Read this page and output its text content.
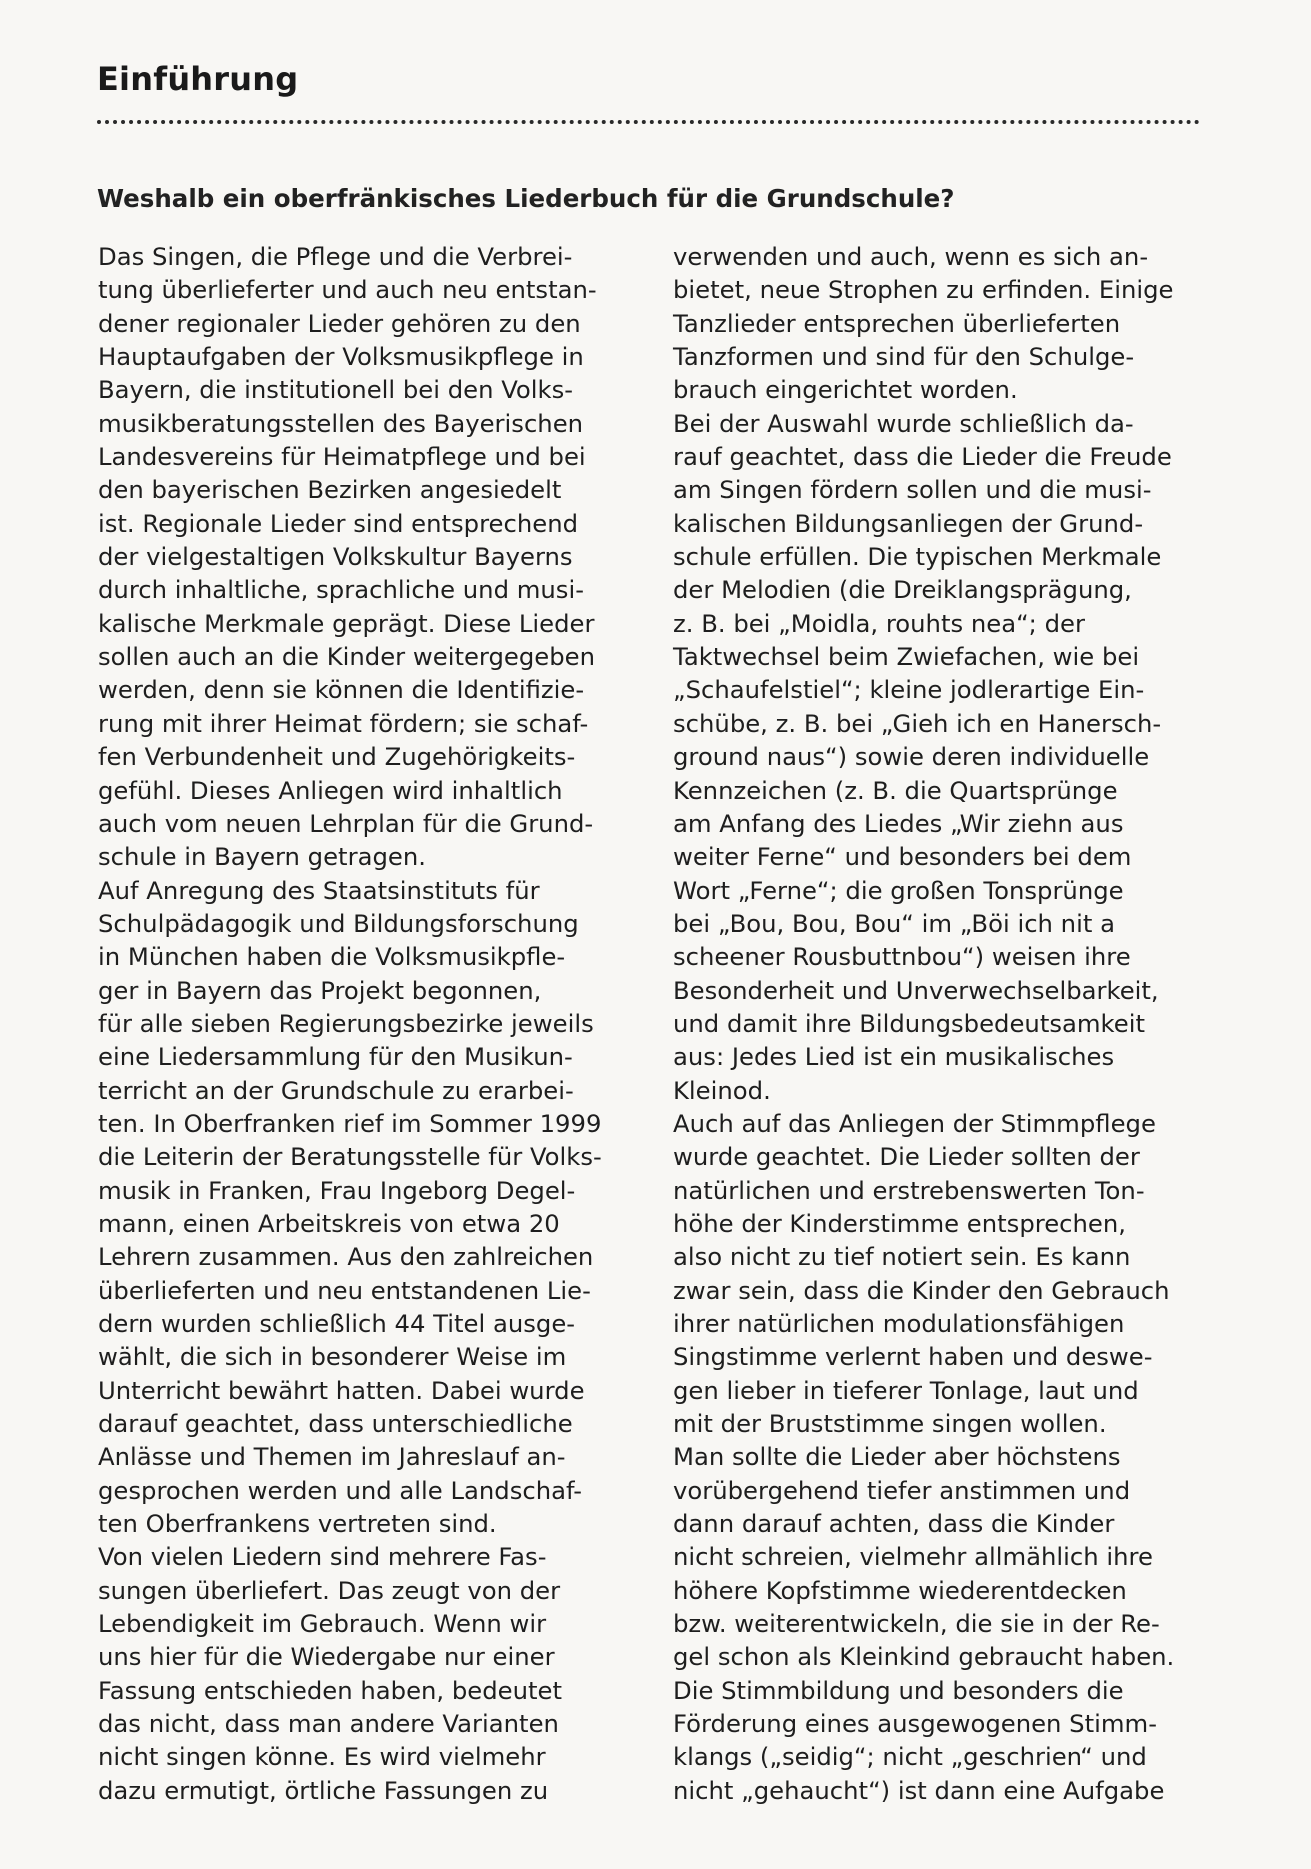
Einführung
Weshalb ein oberfränkisches Liederbuch für die Grundschule?
Das Singen, die Pflege und die Verbrei-
tung überlieferter und auch neu entstan-
dener regionaler Lieder gehören zu den
Hauptaufgaben der Volksmusikpflege in
Bayern, die institutionell bei den Volks-
musikberatungsstellen des Bayerischen
Landesvereins für Heimatpflege und bei
den bayerischen Bezirken angesiedelt
ist. Regionale Lieder sind entsprechend
der vielgestaltigen Volkskultur Bayerns
durch inhaltliche, sprachliche und musi-
kalische Merkmale geprägt. Diese Lieder
sollen auch an die Kinder weitergegeben
werden, denn sie können die Identifizie-
rung mit ihrer Heimat fördern; sie schaf-
fen Verbundenheit und Zugehörigkeits-
gefühl. Dieses Anliegen wird inhaltlich
auch vom neuen Lehrplan für die Grund-
schule in Bayern getragen.
Auf Anregung des Staatsinstituts für
Schulpädagogik und Bildungsforschung
in München haben die Volksmusikpfle-
ger in Bayern das Projekt begonnen,
für alle sieben Regierungsbezirke jeweils
eine Liedersammlung für den Musikun-
terricht an der Grundschule zu erarbei-
ten. In Oberfranken rief im Sommer 1999
die Leiterin der Beratungsstelle für Volks-
musik in Franken, Frau Ingeborg Degel-
mann, einen Arbeitskreis von etwa 20
Lehrern zusammen. Aus den zahlreichen
überlieferten und neu entstandenen Lie-
dern wurden schließlich 44 Titel ausge-
wählt, die sich in besonderer Weise im
Unterricht bewährt hatten. Dabei wurde
darauf geachtet, dass unterschiedliche
Anlässe und Themen im Jahreslauf an-
gesprochen werden und alle Landschaf-
ten Oberfrankens vertreten sind.
Von vielen Liedern sind mehrere Fas-
sungen überliefert. Das zeugt von der
Lebendigkeit im Gebrauch. Wenn wir
uns hier für die Wiedergabe nur einer
Fassung entschieden haben, bedeutet
das nicht, dass man andere Varianten
nicht singen könne. Es wird vielmehr
dazu ermutigt, örtliche Fassungen zu
verwenden und auch, wenn es sich an-
bietet, neue Strophen zu erfinden. Einige
Tanzlieder entsprechen überlieferten
Tanzformen und sind für den Schulge-
brauch eingerichtet worden.
Bei der Auswahl wurde schließlich da-
rauf geachtet, dass die Lieder die Freude
am Singen fördern sollen und die musi-
kalischen Bildungsanliegen der Grund-
schule erfüllen. Die typischen Merkmale
der Melodien (die Dreiklangsprägung,
z. B. bei „Moidla, rouhts nea“; der
Taktwechsel beim Zwiefachen, wie bei
„Schaufelstiel“; kleine jodlerartige Ein-
schübe, z. B. bei „Gieh ich en Hanersch-
ground naus“) sowie deren individuelle
Kennzeichen (z. B. die Quartsprünge
am Anfang des Liedes „Wir ziehn aus
weiter Ferne“ und besonders bei dem
Wort „Ferne“; die großen Tonsprünge
bei „Bou, Bou, Bou“ im „Böi ich nit a
scheener Rousbuttnbou“) weisen ihre
Besonderheit und Unverwechselbarkeit,
und damit ihre Bildungsbedeutsamkeit
aus: Jedes Lied ist ein musikalisches
Kleinod.
Auch auf das Anliegen der Stimmpflege
wurde geachtet. Die Lieder sollten der
natürlichen und erstrebenswerten Ton-
höhe der Kinderstimme entsprechen,
also nicht zu tief notiert sein. Es kann
zwar sein, dass die Kinder den Gebrauch
ihrer natürlichen modulationsfähigen
Singstimme verlernt haben und deswe-
gen lieber in tieferer Tonlage, laut und
mit der Bruststimme singen wollen.
Man sollte die Lieder aber höchstens
vorübergehend tiefer anstimmen und
dann darauf achten, dass die Kinder
nicht schreien, vielmehr allmählich ihre
höhere Kopfstimme wiederentdecken
bzw. weiterentwickeln, die sie in der Re-
gel schon als Kleinkind gebraucht haben.
Die Stimmbildung und besonders die
Förderung eines ausgewogenen Stimm-
klangs („seidig“; nicht „geschrien“ und
nicht „gehaucht“) ist dann eine Aufgabe
